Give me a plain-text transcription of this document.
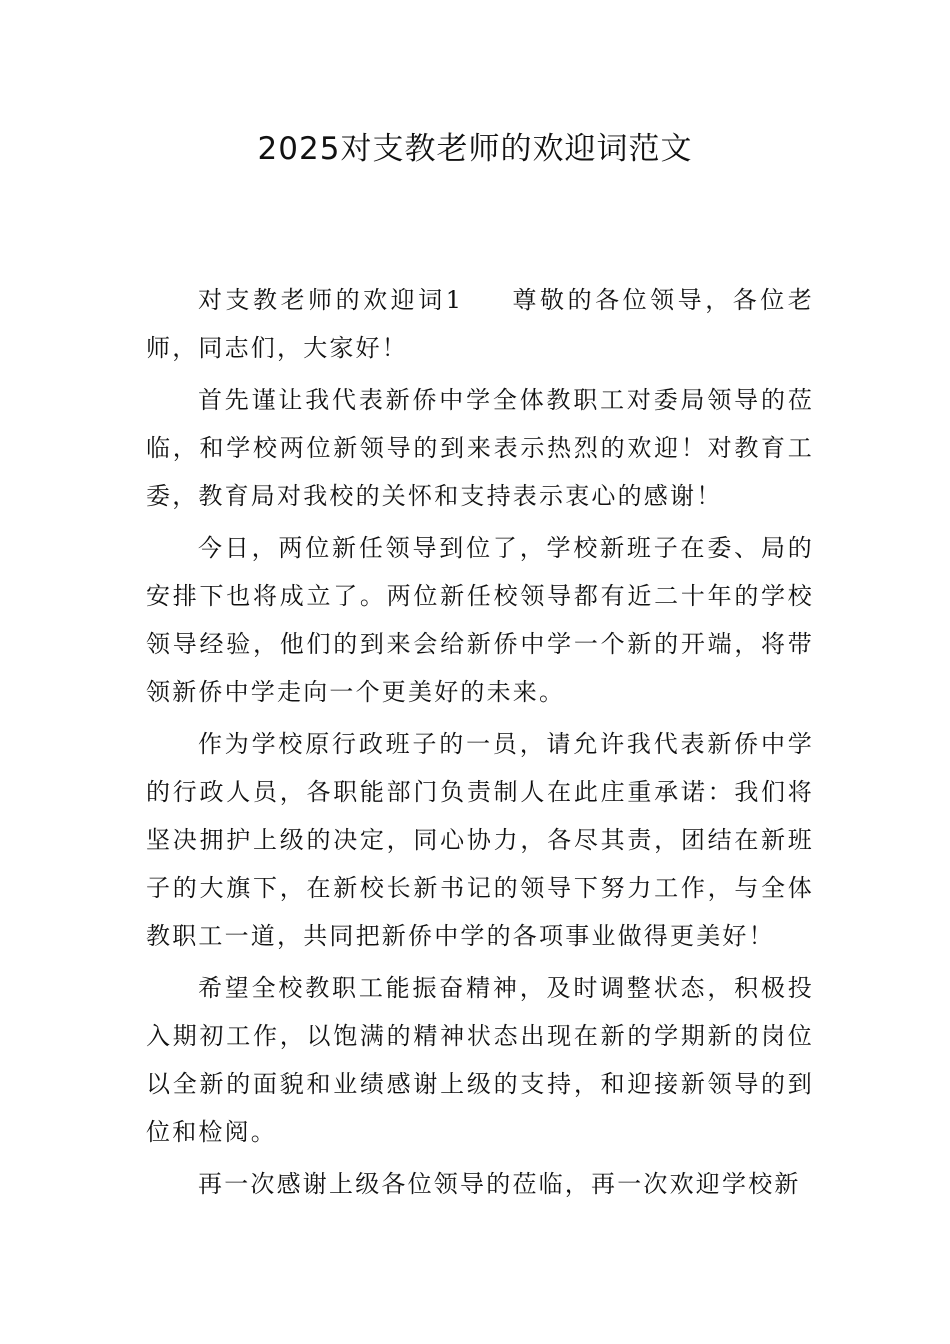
2025对支教老师的欢迎词范文

对支教老师的欢迎词1 尊敬的各位领导，各位老师，同志们，大家好！

首先谨让我代表新侨中学全体教职工对委局领导的莅临，和学校两位新领导的到来表示热烈的欢迎！对教育工委，教育局对我校的关怀和支持表示衷心的感谢！

今日，两位新任领导到位了，学校新班子在委、局的安排下也将成立了。两位新任校领导都有近二十年的学校领导经验，他们的到来会给新侨中学一个新的开端，将带领新侨中学走向一个更美好的未来。

作为学校原行政班子的一员，请允许我代表新侨中学的行政人员，各职能部门负责制人在此庄重承诺：我们将坚决拥护上级的决定，同心协力，各尽其责，团结在新班子的大旗下，在新校长新书记的领导下努力工作，与全体教职工一道，共同把新侨中学的各项事业做得更美好！

希望全校教职工能振奋精神，及时调整状态，积极投入期初工作，以饱满的精神状态出现在新的学期新的岗位以全新的面貌和业绩感谢上级的支持，和迎接新领导的到位和检阅。

再一次感谢上级各位领导的莅临，再一次欢迎学校新
